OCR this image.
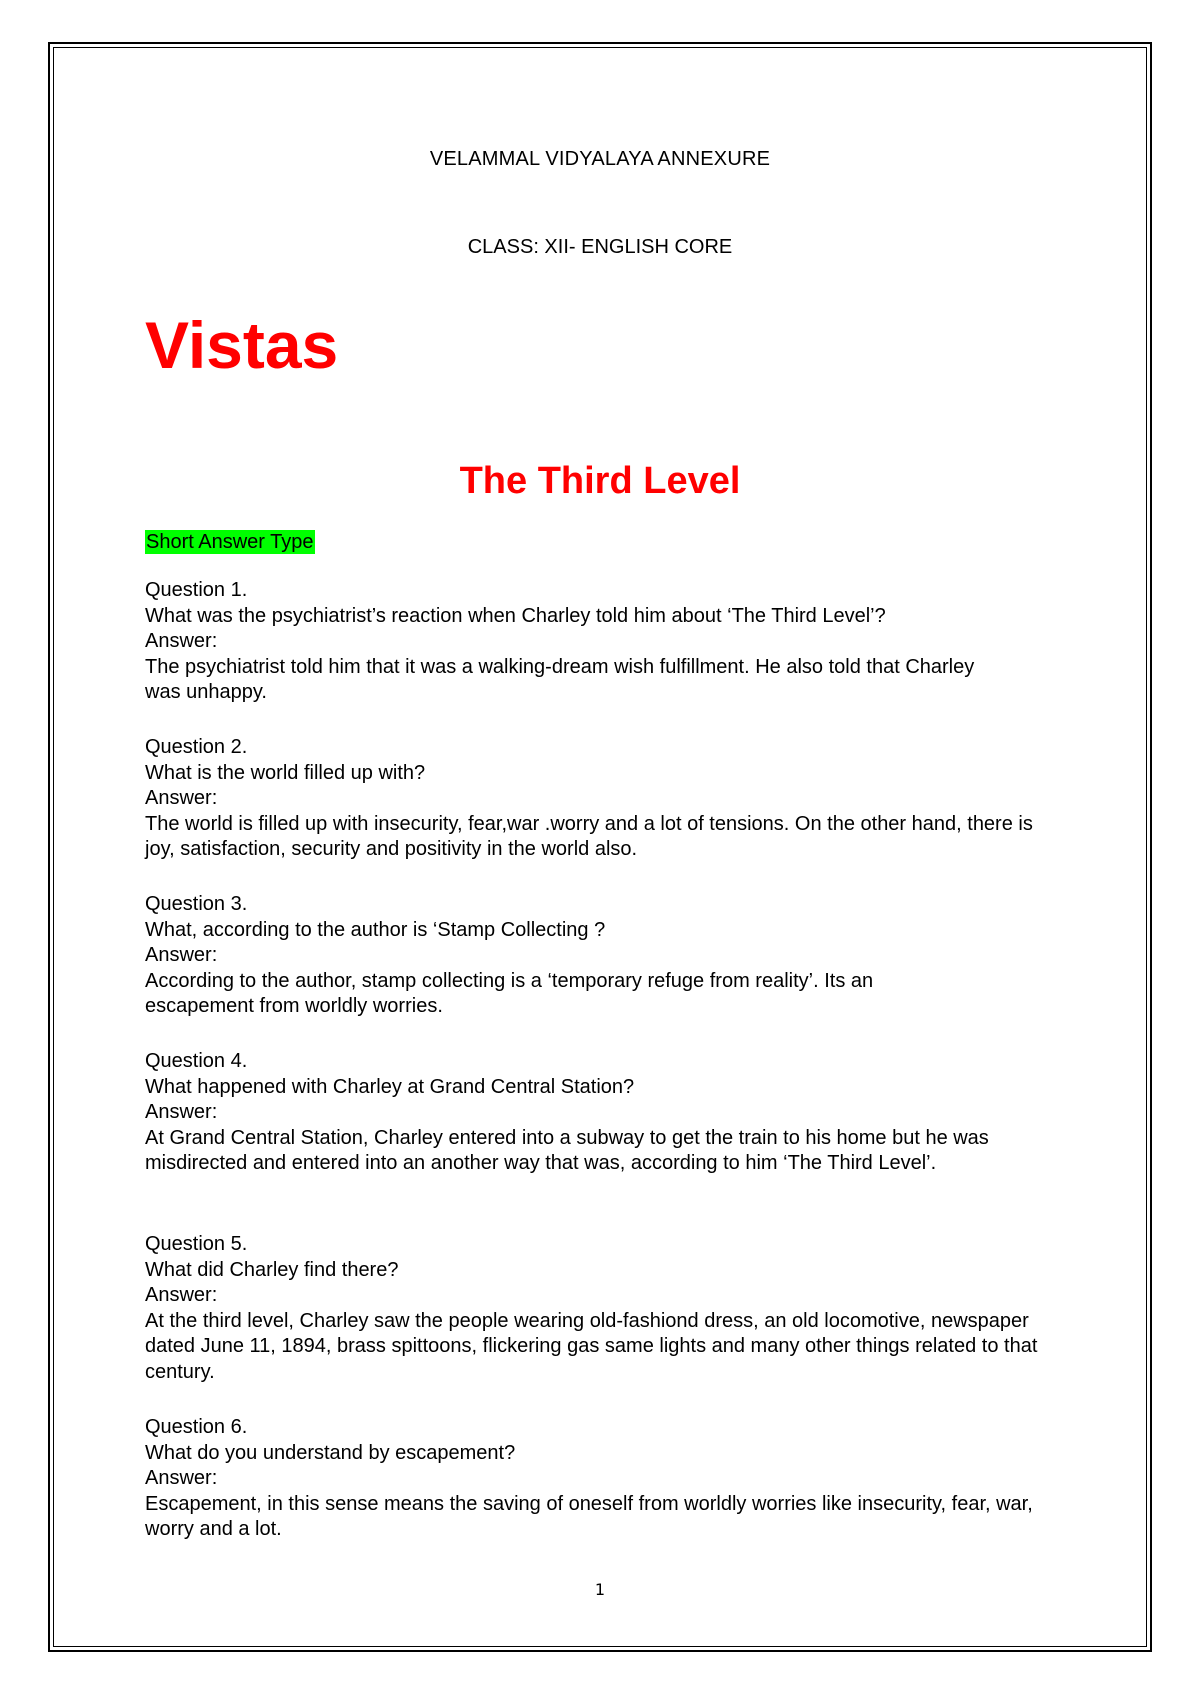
VELAMMAL VIDYALAYA ANNEXURE
CLASS: XII- ENGLISH CORE
Vistas
The Third Level
Short Answer Type
Question 1.
What was the psychiatrist’s reaction when Charley told him about ‘The Third Level’?
Answer:
The psychiatrist told him that it was a walking-dream wish fulfillment. He also told that Charley was unhappy.
Question 2.
What is the world filled up with?
Answer:
The world is filled up with insecurity, fear,war .worry and a lot of tensions. On the other hand, there is joy, satisfaction, security and positivity in the world also.
Question 3.
What, according to the author is ‘Stamp Collecting ?
Answer:
According to the author, stamp collecting is a ‘temporary refuge from reality’. Its an escapement from worldly worries.
Question 4.
What happened with Charley at Grand Central Station?
Answer:
At Grand Central Station, Charley entered into a subway to get the train to his home but he was misdirected and entered into an another way that was, according to him ‘The Third Level’.
Question 5.
What did Charley find there?
Answer:
At the third level, Charley saw the people wearing old-fashiond dress, an old locomotive, newspaper dated June 11, 1894, brass spittoons, flickering gas same lights and many other things related to that century.
Question 6.
What do you understand by escapement?
Answer:
Escapement, in this sense means the saving of oneself from worldly worries like insecurity, fear, war, worry and a lot.
1
